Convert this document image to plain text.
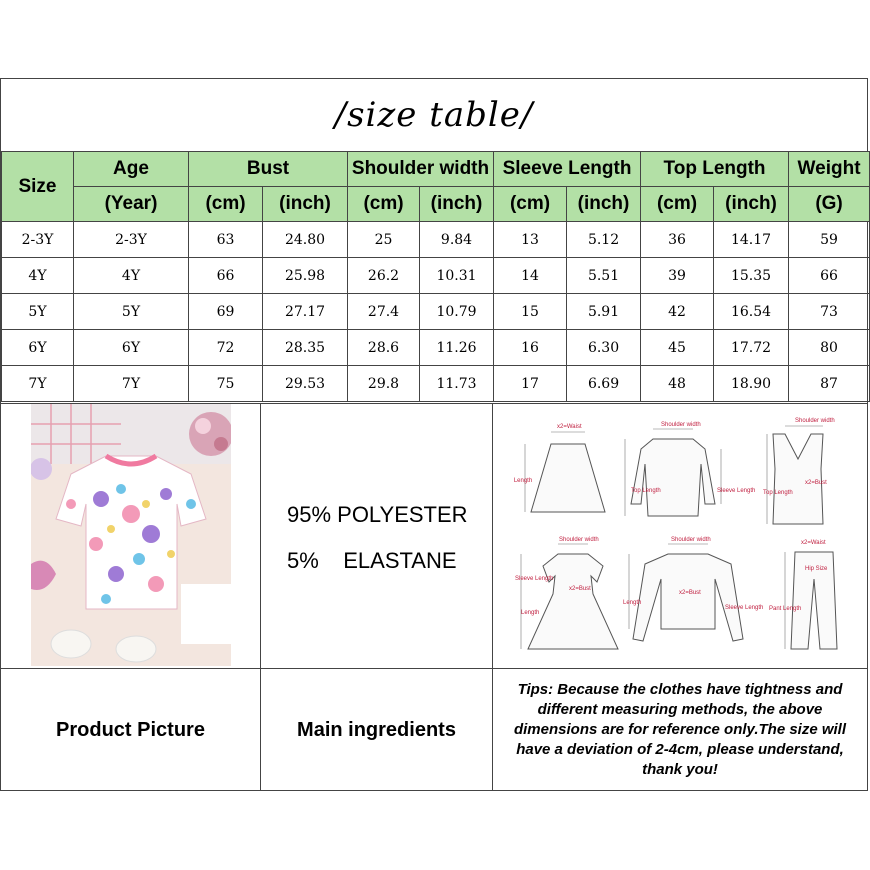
/size table/
Size	Age	Bust		Shoulder width		Sleeve Length		Top Length		Weight
	(Year)	(cm)	(inch)	(cm)	(inch)	(cm)	(inch)	(cm)	(inch)	(G)
2-3Y	2-3Y	63	24.80	25	9.84	13	5.12	36	14.17	59
4Y	4Y	66	25.98	26.2	10.31	14	5.51	39	15.35	66
5Y	5Y	69	27.17	27.4	10.79	15	5.91	42	16.54	73
6Y	6Y	72	28.35	28.6	11.26	16	6.30	45	17.72	80
7Y	7Y	75	29.53	29.8	11.73	17	6.69	48	18.90	87
95% POLYESTER
5%    ELASTANE
x2=Waist
Length
Shoulder width
Top Length	Sleeve Length
Shoulder width
Top Length
x2=Bust
Shoulder width
Sleeve Length
x2=Bust
Length
Shoulder width
x2=Bust
Length
Sleeve Length
x2=Waist
Hip Size
Pant Length
Product Picture	Main ingredients
Tips: Because the clothes have tightness and different measuring methods, the above dimensions are for reference only.The size will have a deviation of 2-4cm, please understand, thank you!
